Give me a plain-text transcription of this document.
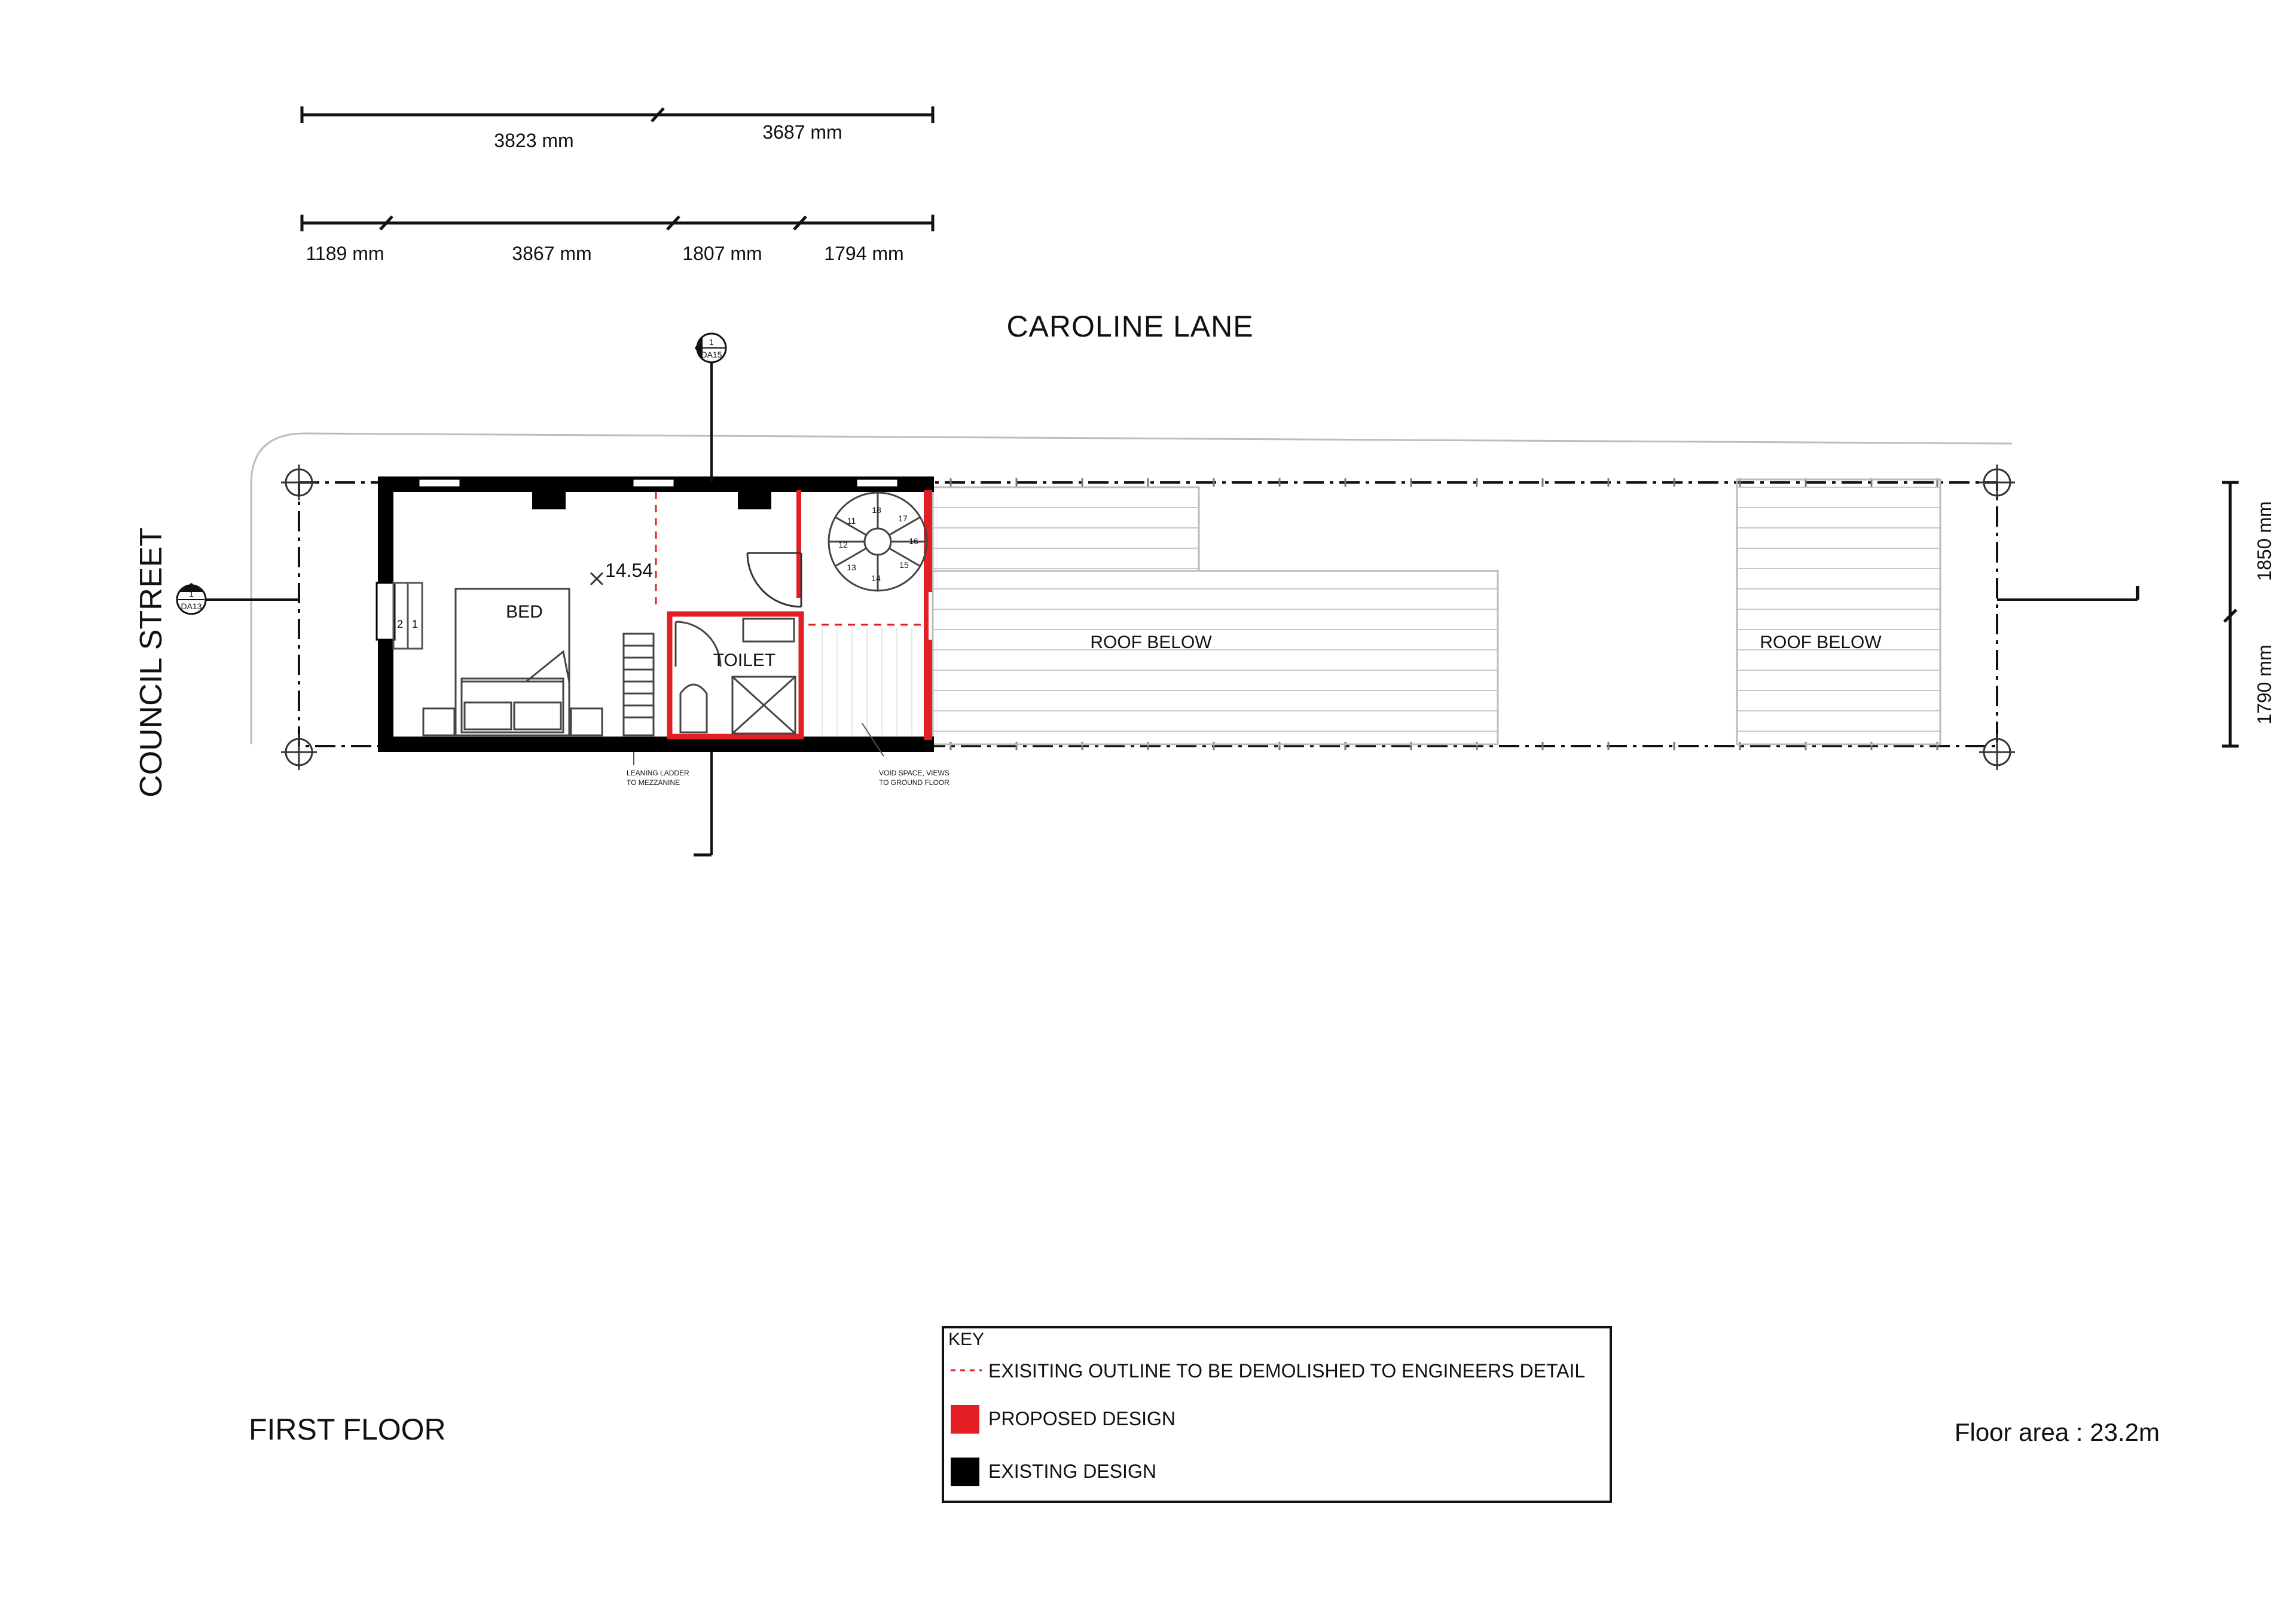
3823 mm	3687 mm
1189 mm	3867 mm	1807 mm	1794 mm
1850 mm
1790 mm
CAROLINE LANE
COUNCIL STREET	ROOF BELOW	ROOF BELOW
BED
2 1
14.54
LEANING LADDER
TO MEZZANINE
TOILET
11
12
13
14
15
16
17
18
VOID SPACE, VIEWS
TO GROUND FLOOR
1
DA15
1
DA13
KEY
EXISITING OUTLINE TO BE DEMOLISHED TO ENGINEERS DETAIL
PROPOSED DESIGN
EXISTING DESIGN
FIRST FLOOR	Floor area : 23.2m
